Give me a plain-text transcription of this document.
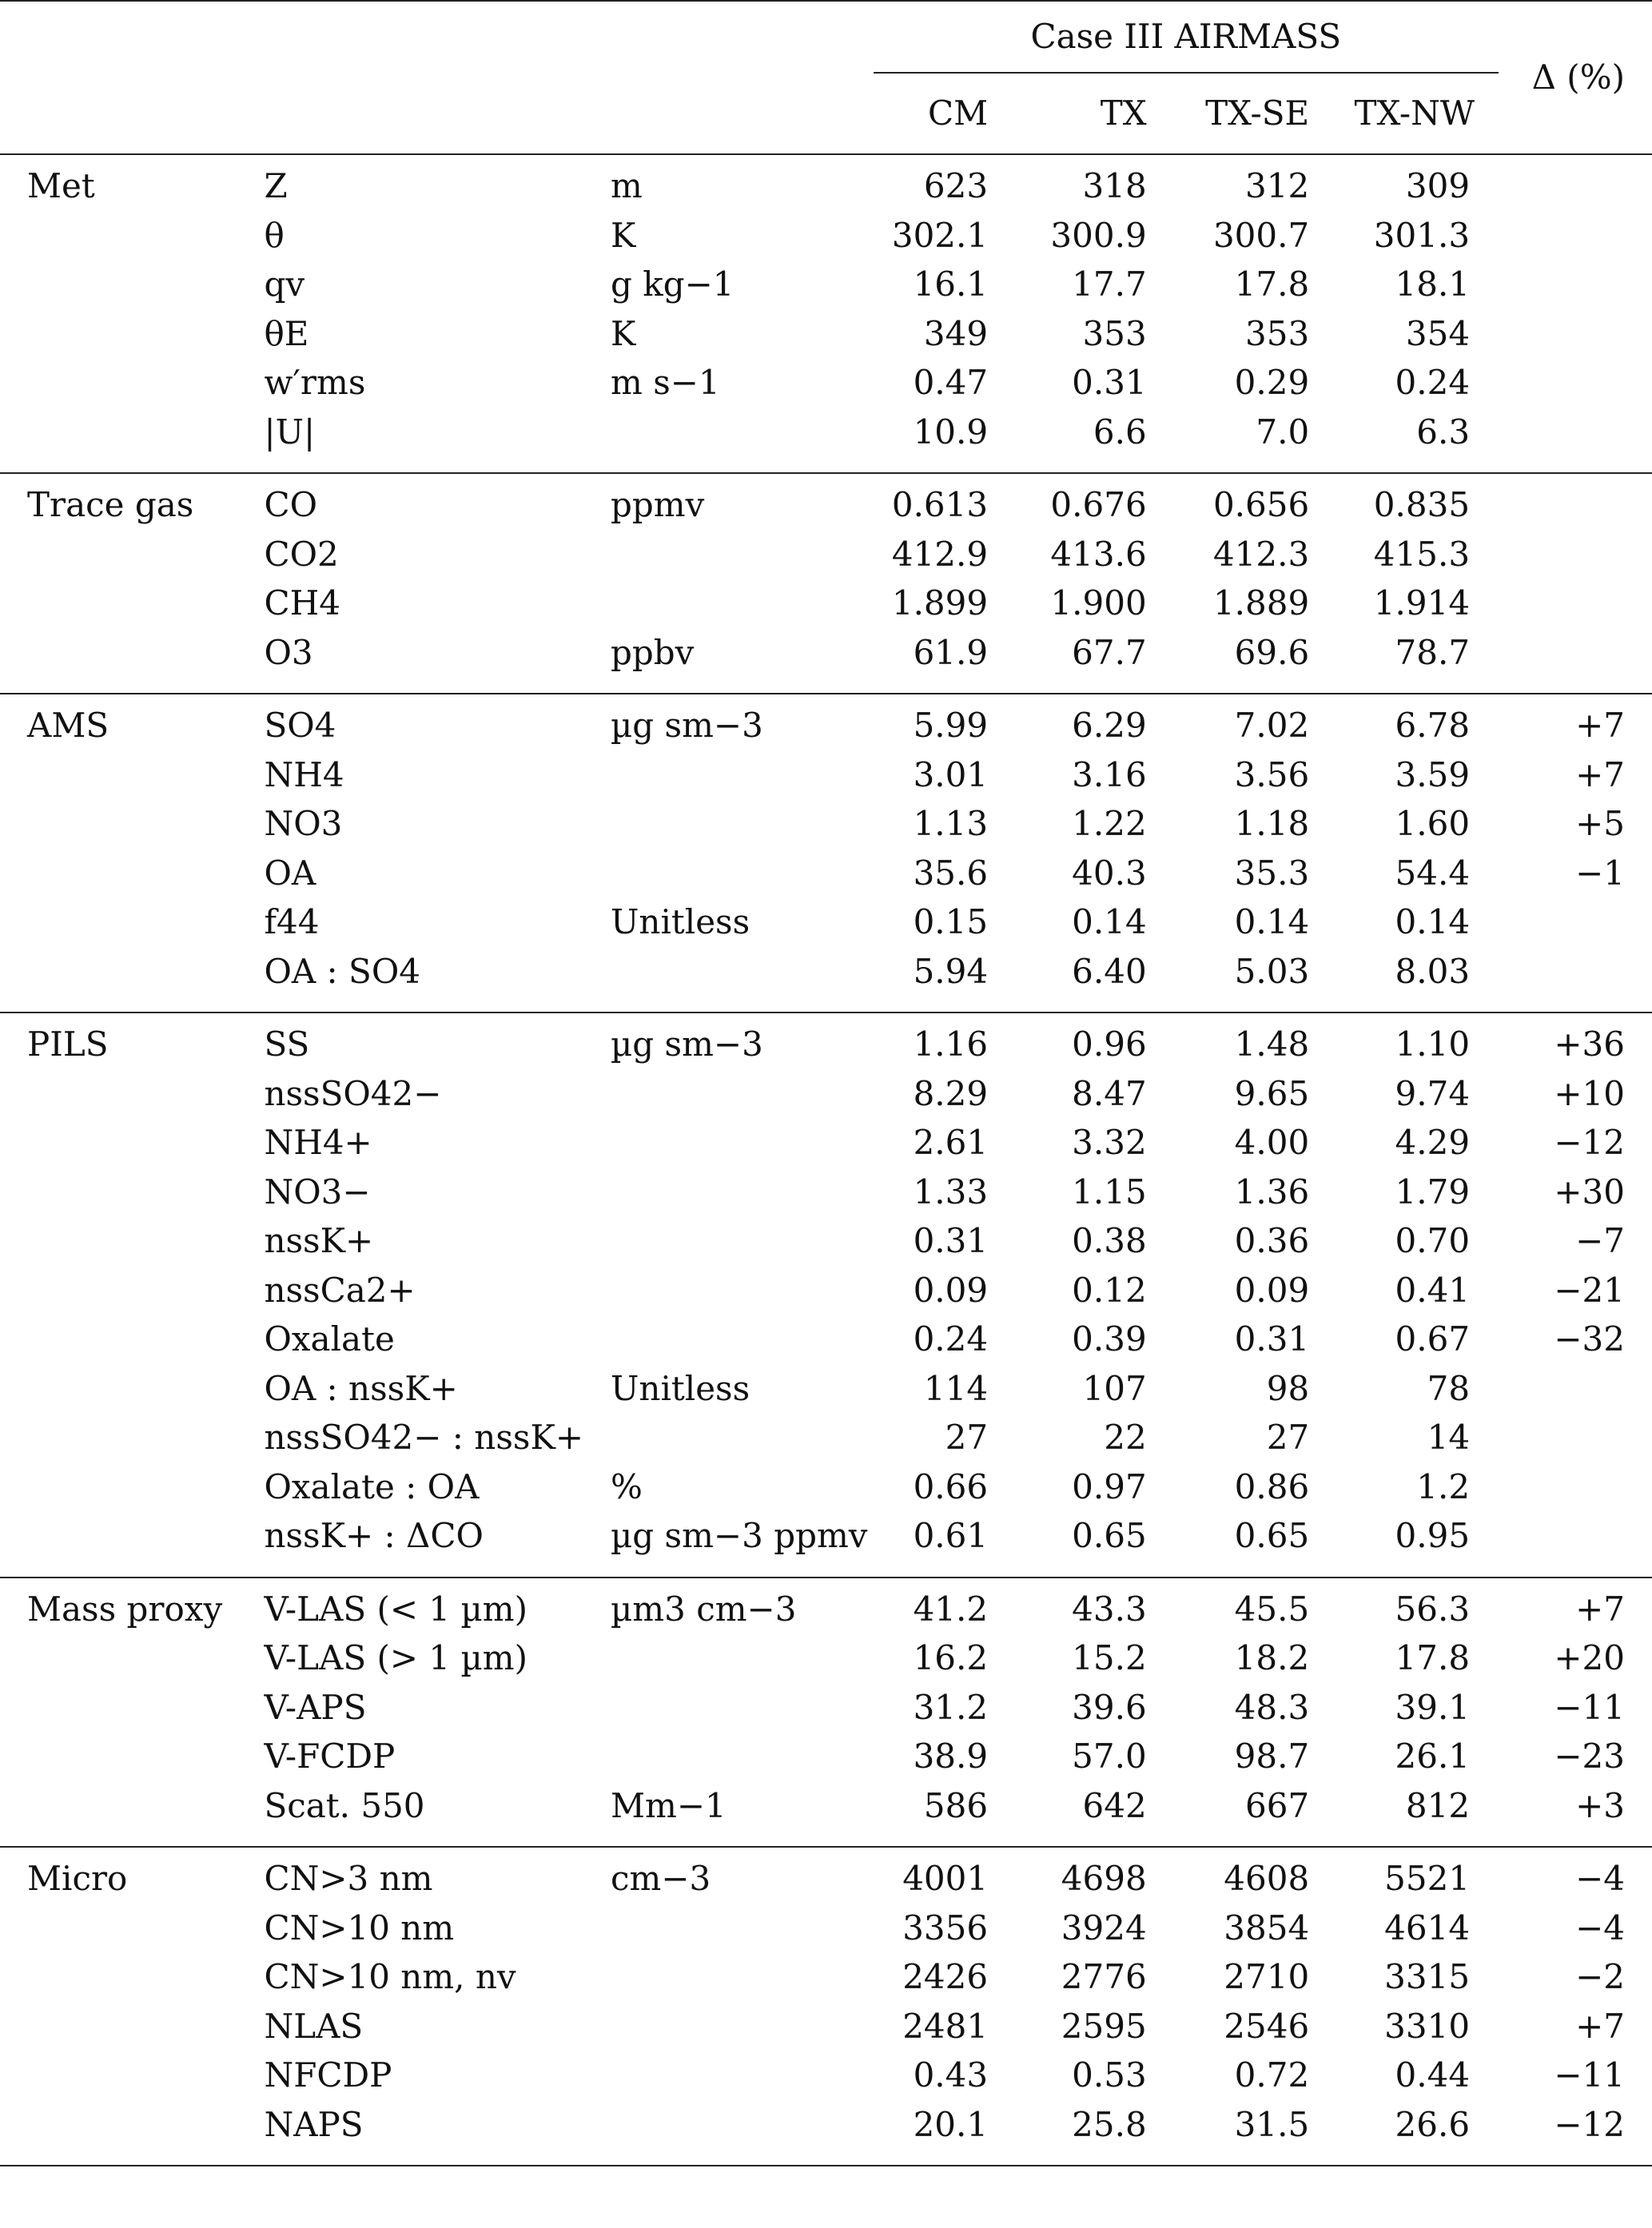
			Case III AIRMASS				Δ (%)
			CM	TX	TX-SE	TX-NW	
Met	Z	m	623	318	312	309	
	θ	K	302.1	300.9	300.7	301.3	
	qv	g kg−1	16.1	17.7	17.8	18.1	
	θE	K	349	353	353	354	
	w′rms	m s−1	0.47	0.31	0.29	0.24	
	|U|		10.9	6.6	7.0	6.3	
Trace gas	CO	ppmv	0.613	0.676	0.656	0.835	
	CO2		412.9	413.6	412.3	415.3	
	CH4		1.899	1.900	1.889	1.914	
	O3	ppbv	61.9	67.7	69.6	78.7	
AMS	SO4	µg sm−3	5.99	6.29	7.02	6.78	+7
	NH4		3.01	3.16	3.56	3.59	+7
	NO3		1.13	1.22	1.18	1.60	+5
	OA		35.6	40.3	35.3	54.4	−1
	f44	Unitless	0.15	0.14	0.14	0.14	
	OA : SO4		5.94	6.40	5.03	8.03	
PILS	SS	µg sm−3	1.16	0.96	1.48	1.10	+36
	nssSO42−		8.29	8.47	9.65	9.74	+10
	NH4+		2.61	3.32	4.00	4.29	−12
	NO3−		1.33	1.15	1.36	1.79	+30
	nssK+		0.31	0.38	0.36	0.70	−7
	nssCa2+		0.09	0.12	0.09	0.41	−21
	Oxalate		0.24	0.39	0.31	0.67	−32
	OA : nssK+	Unitless	114	107	98	78	
	nssSO42− : nssK+		27	22	27	14	
	Oxalate : OA	%	0.66	0.97	0.86	1.2	
	nssK+ : ΔCO	µg sm−3 ppmv	0.61	0.65	0.65	0.95	
Mass proxy	V-LAS (< 1 µm)	µm3 cm−3	41.2	43.3	45.5	56.3	+7
	V-LAS (> 1 µm)		16.2	15.2	18.2	17.8	+20
	V-APS		31.2	39.6	48.3	39.1	−11
	V-FCDP		38.9	57.0	98.7	26.1	−23
	Scat. 550	Mm−1	586	642	667	812	+3
Micro	CN>3 nm	cm−3	4001	4698	4608	5521	−4
	CN>10 nm		3356	3924	3854	4614	−4
	CN>10 nm, nv		2426	2776	2710	3315	−2
	NLAS		2481	2595	2546	3310	+7
	NFCDP		0.43	0.53	0.72	0.44	−11
	NAPS		20.1	25.8	31.5	26.6	−12
